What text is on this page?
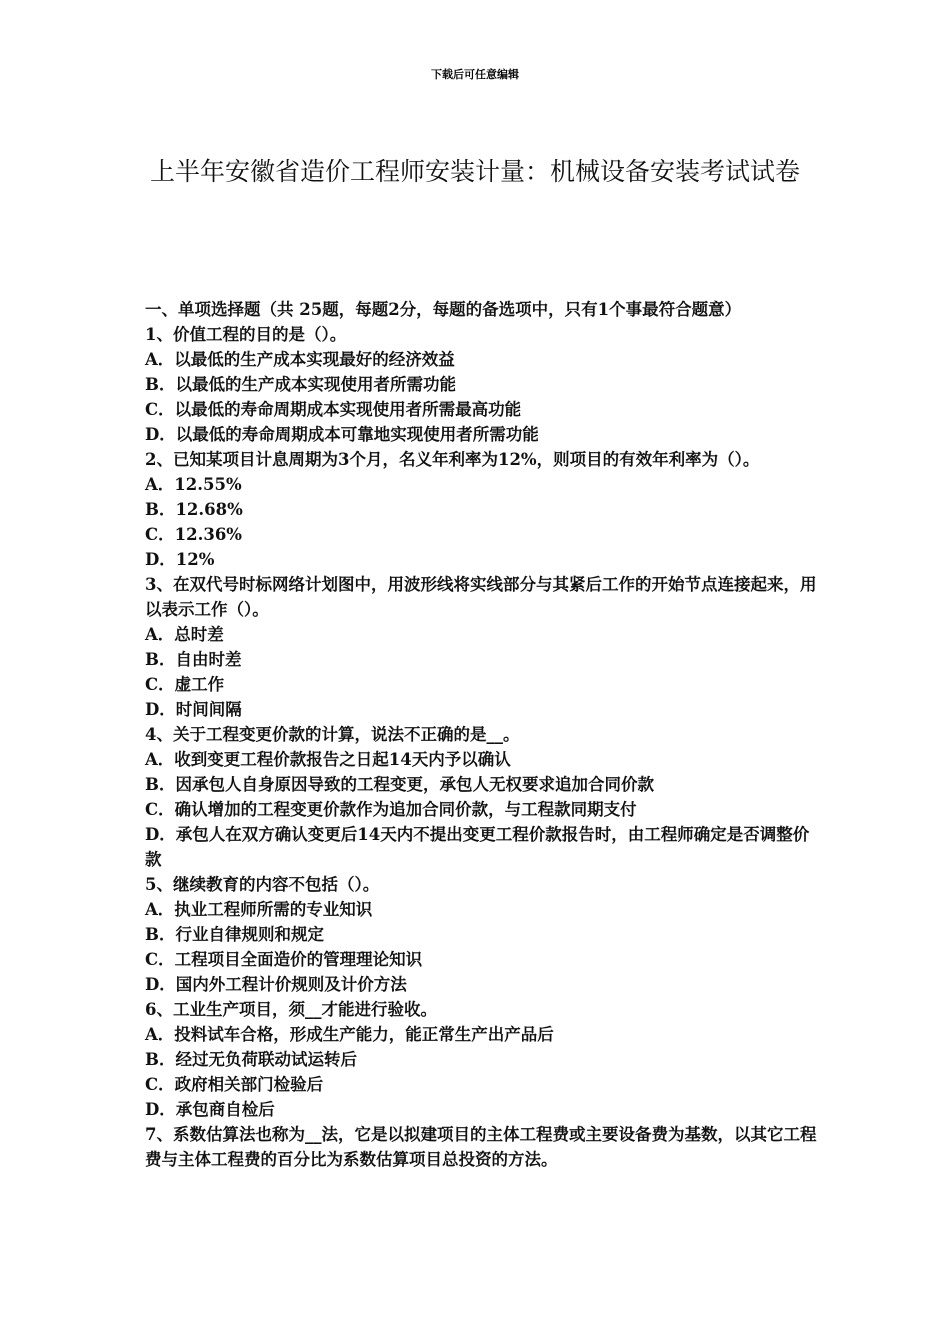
下载后可任意编辑
上半年安徽省造价工程师安装计量：机械设备安装考试试卷

一、单项选择题（共 25题，每题2分，每题的备选项中，只有1个事最符合题意）

1、价值工程的目的是（）。

A．以最低的生产成本实现最好的经济效益

B．以最低的生产成本实现使用者所需功能

C．以最低的寿命周期成本实现使用者所需最高功能

D．以最低的寿命周期成本可靠地实现使用者所需功能

2、已知某项目计息周期为3个月，名义年利率为12%，则项目的有效年利率为（）。

A．12.55%

B．12.68%

C．12.36%

D．12%

3、在双代号时标网络计划图中，用波形线将实线部分与其紧后工作的开始节点连接起来，用以表示工作（）。

A．总时差

B．自由时差

C．虚工作

D．时间间隔

4、关于工程变更价款的计算，说法不正确的是__。

A．收到变更工程价款报告之日起14天内予以确认

B．因承包人自身原因导致的工程变更，承包人无权要求追加合同价款

C．确认增加的工程变更价款作为追加合同价款，与工程款同期支付

D．承包人在双方确认变更后14天内不提出变更工程价款报告时，由工程师确定是否调整价款

5、继续教育的内容不包括（）。

A．执业工程师所需的专业知识

B．行业自律规则和规定

C．工程项目全面造价的管理理论知识

D．国内外工程计价规则及计价方法

6、工业生产项目，须__才能进行验收。

A．投料试车合格，形成生产能力，能正常生产出产品后

B．经过无负荷联动试运转后

C．政府相关部门检验后

D．承包商自检后

7、系数估算法也称为__法，它是以拟建项目的主体工程费或主要设备费为基数，以其它工程费与主体工程费的百分比为系数估算项目总投资的方法。
